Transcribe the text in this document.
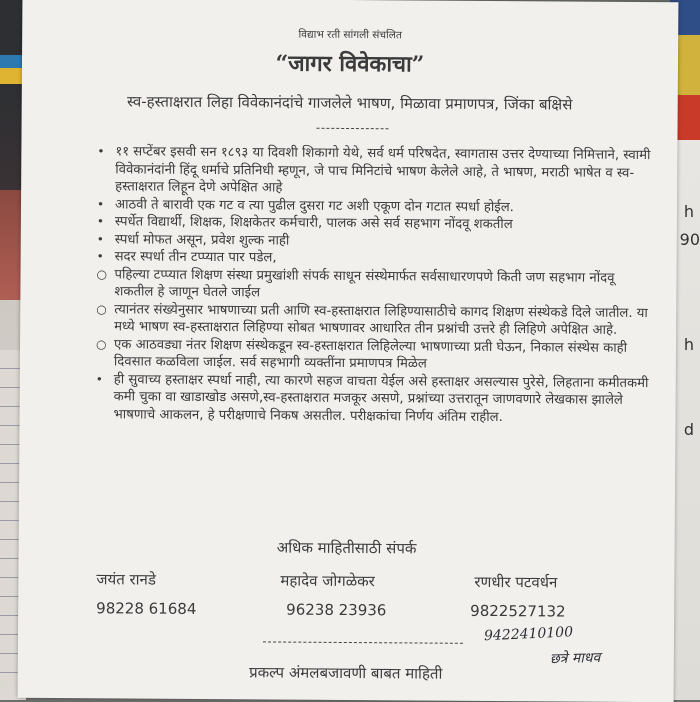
h
90
h
d
विद्याभ रती सांगली संचलित
“जागर विवेकाचा”
स्व-हस्ताक्षरात लिहा विवेकानंदांचे गाजलेले भाषण, मिळावा प्रमाणपत्र, जिंका बक्षिसे
• ११ सप्टेंबर इसवी सन १८९३ या दिवशी शिकागो येथे, सर्व धर्म परिषदेत, स्वागतास उत्तर देण्याच्या निमित्ताने, स्वामी विवेकानंदांनी हिंदू धर्माचे प्रतिनिधी म्हणून, जे पाच मिनिटांचे भाषण केलेले आहे, ते भाषण, मराठी भाषेत व स्व-हस्ताक्षरात लिहून देणे अपेक्षित आहे
• आठवी ते बारावी एक गट व त्या पुढील दुसरा गट अशी एकूण दोन गटात स्पर्धा होईल.
• स्पर्धेत विद्यार्थी, शिक्षक, शिक्षकेतर कर्मचारी, पालक असे सर्व सहभाग नोंदवू शकतील
• स्पर्धा मोफत असून, प्रवेश शुल्क नाही
• सदर स्पर्धा तीन टप्प्यात पार पडेल,
○ पहिल्या टप्प्यात शिक्षण संस्था प्रमुखांशी संपर्क साधून संस्थेमार्फत सर्वसाधारणपणे किती जण सहभाग नोंदवू शकतील हे जाणून घेतले जाईल
○ त्यानंतर संख्येनुसार भाषणाच्या प्रती आणि स्व-हस्ताक्षरात लिहिण्यासाठीचे कागद शिक्षण संस्थेकडे दिले जातील. या मध्ये भाषण स्व-हस्ताक्षरात लिहिण्या सोबत भाषणावर आधारित तीन प्रश्नांची उत्तरे ही लिहिणे अपेक्षित आहे.
○ एक आठवड्या नंतर शिक्षण संस्थेकडून स्व-हस्ताक्षरात लिहिलेल्या भाषणाच्या प्रती घेऊन, निकाल संस्थेस काही दिवसात कळविला जाईल. सर्व सहभागी व्यक्तींना प्रमाणपत्र मिळेल
• ही सुवाच्य हस्ताक्षर स्पर्धा नाही, त्या कारणे सहज वाचता येईल असे हस्ताक्षर असल्यास पुरेसे, लिहताना कमीतकमी कमी चुका वा खाडाखोड असणे,स्व-हस्ताक्षरात मजकूर असणे, प्रश्नांच्या उत्तरातून जाणवणारे लेखकास झालेले भाषणाचे आकलन, हे परीक्षणाचे निकष असतील. परीक्षकांचा निर्णय अंतिम राहील.
अधिक माहितीसाठी संपर्क
जयंत रानडे	महादेव जोगळेकर	रणधीर पटवर्धन
98228 61684	96238 23936	9822527132
9422410100
छत्रे माधव
प्रकल्प अंमलबजावणी बाबत माहिती
